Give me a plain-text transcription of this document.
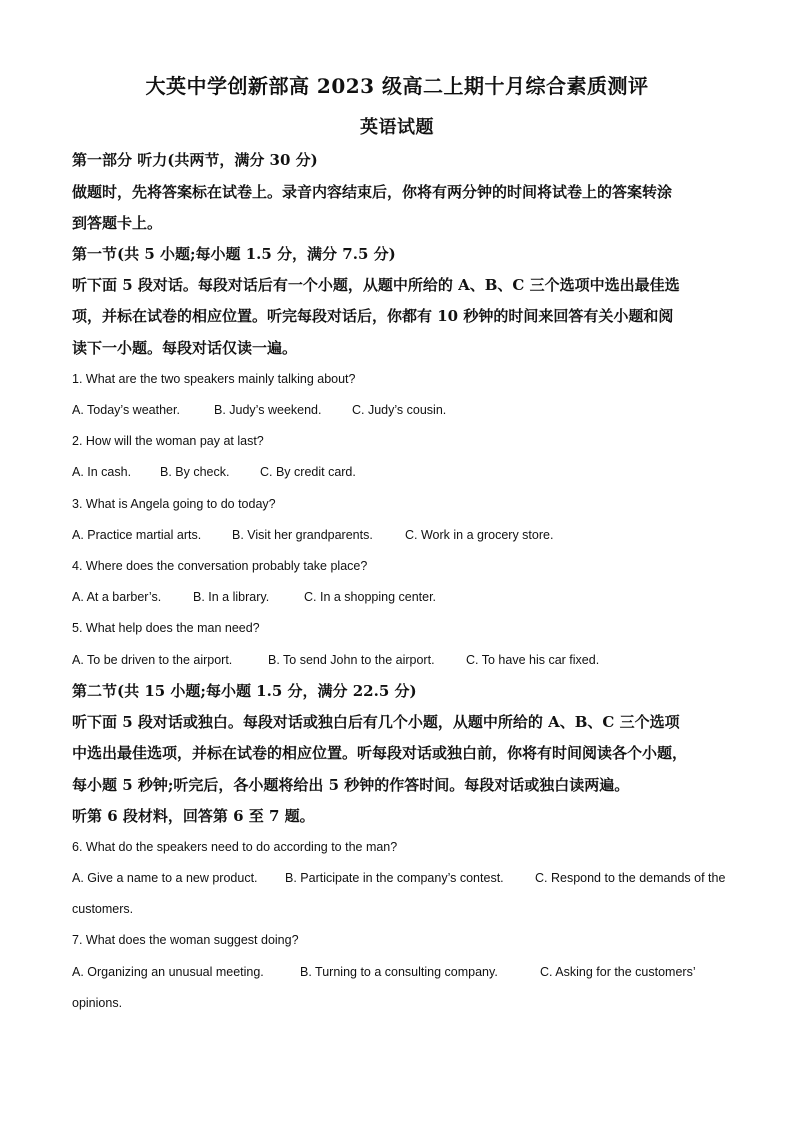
大英中学创新部高 2023 级高二上期十月综合素质测评
英语试题
第一部分 听力(共两节，满分 30 分)
做题时，先将答案标在试卷上。录音内容结束后，你将有两分钟的时间将试卷上的答案转涂
到答题卡上。
第一节(共 5 小题;每小题 1.5 分，满分 7.5 分)
听下面 5 段对话。每段对话后有一个小题，从题中所给的 A、B、C 三个选项中选出最佳选
项，并标在试卷的相应位置。听完每段对话后，你都有 10 秒钟的时间来回答有关小题和阅
读下一小题。每段对话仅读一遍。
1. What are the two speakers mainly talking about?
A. Today’s weather.	B. Judy’s weekend. C. Judy’s cousin.
2. How will the woman pay at last?
A. In cash. B. By check. C. By credit card.
3. What is Angela going to do today?
A. Practice martial arts. B. Visit her grandparents.	C. Work in a grocery store.
4. Where does the conversation probably take place?
A. At a barber’s.	B. In a library.	C. In a shopping center.
5. What help does the man need?
A. To be driven to the airport.	B. To send John to the airport.	C. To have his car fixed.
第二节(共 15 小题;每小题 1.5 分，满分 22.5 分)
听下面 5 段对话或独白。每段对话或独白后有几个小题，从题中所给的 A、B、C 三个选项
中选出最佳选项，并标在试卷的相应位置。听每段对话或独白前，你将有时间阅读各个小题，
每小题 5 秒钟;听完后，各小题将给出 5 秒钟的作答时间。每段对话或独白读两遍。
听第 6 段材料，回答第 6 至 7 题。
6. What do the speakers need to do according to the man?
A. Give a name to a new product. B. Participate in the company’s contest.	C. Respond to the demands of the
customers.
7. What does the woman suggest doing?
A. Organizing an unusual meeting.	B. Turning to a consulting company.	C. Asking for the customers’
opinions.
